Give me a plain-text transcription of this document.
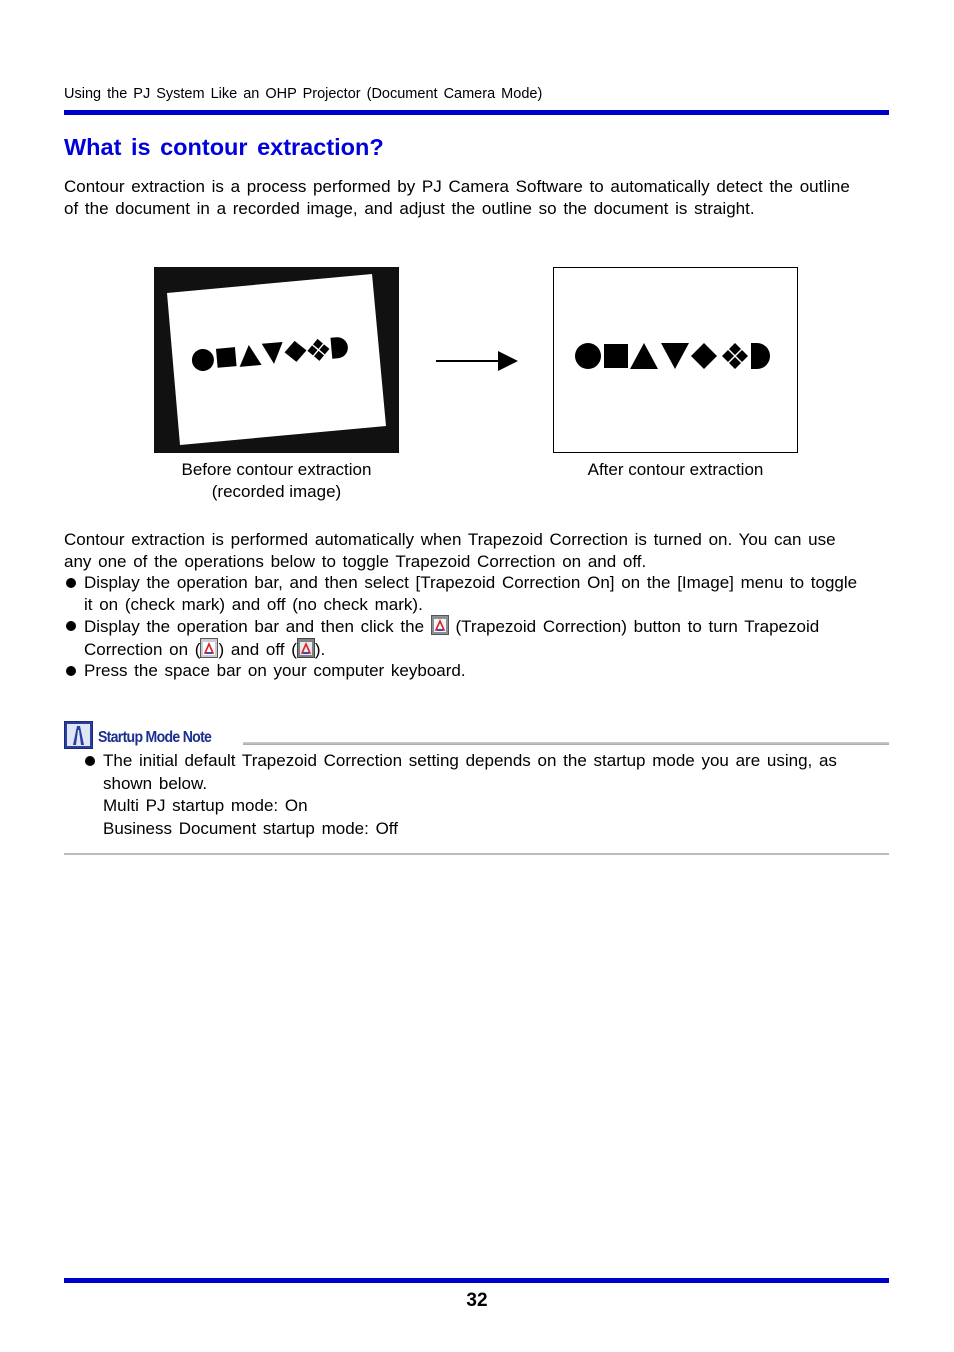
Using the PJ System Like an OHP Projector (Document Camera Mode)
What is contour extraction?
Contour extraction is a process performed by PJ Camera Software to automatically detect the outline of the document in a recorded image, and adjust the outline so the document is straight.
Before contour extraction
(recorded image)
After contour extraction
Contour extraction is performed automatically when Trapezoid Correction is turned on. You can use any one of the operations below to toggle Trapezoid Correction on and off.
Display the operation bar, and then select [Trapezoid Correction On] on the [Image] menu to toggle it on (check mark) and off (no check mark).
Display the operation bar and then click the  (Trapezoid Correction) button to turn Trapezoid Correction on ( ) and off ( ).
Press the space bar on your computer keyboard.
Startup Mode Note
The initial default Trapezoid Correction setting depends on the startup mode you are using, as shown below.
Multi PJ startup mode: On
Business Document startup mode: Off
32
